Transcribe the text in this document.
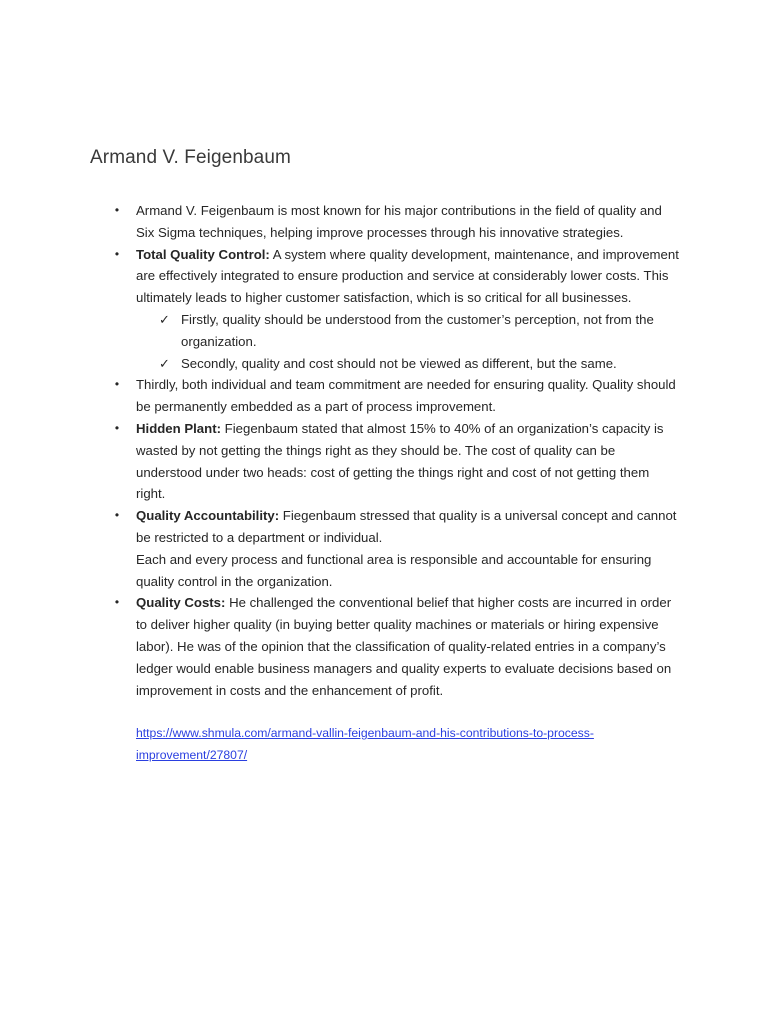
Armand V. Feigenbaum
• Armand V. Feigenbaum is most known for his major contributions in the field of quality and Six Sigma techniques, helping improve processes through his innovative strategies.
• Total Quality Control: A system where quality development, maintenance, and improvement are effectively integrated to ensure production and service at considerably lower costs. This ultimately leads to higher customer satisfaction, which is so critical for all businesses.
✓ Firstly, quality should be understood from the customer’s perception, not from the organization.
✓ Secondly, quality and cost should not be viewed as different, but the same.
• Thirdly, both individual and team commitment are needed for ensuring quality. Quality should be permanently embedded as a part of process improvement.
• Hidden Plant: Fiegenbaum stated that almost 15% to 40% of an organization’s capacity is wasted by not getting the things right as they should be. The cost of quality can be understood under two heads: cost of getting the things right and cost of not getting them right.
• Quality Accountability: Fiegenbaum stressed that quality is a universal concept and cannot be restricted to a department or individual.
Each and every process and functional area is responsible and accountable for ensuring quality control in the organization.
• Quality Costs: He challenged the conventional belief that higher costs are incurred in order to deliver higher quality (in buying better quality machines or materials or hiring expensive labor). He was of the opinion that the classification of quality-related entries in a company’s ledger would enable business managers and quality experts to evaluate decisions based on improvement in costs and the enhancement of profit.
https://www.shmula.com/armand-vallin-feigenbaum-and-his-contributions-to-process-improvement/27807/
